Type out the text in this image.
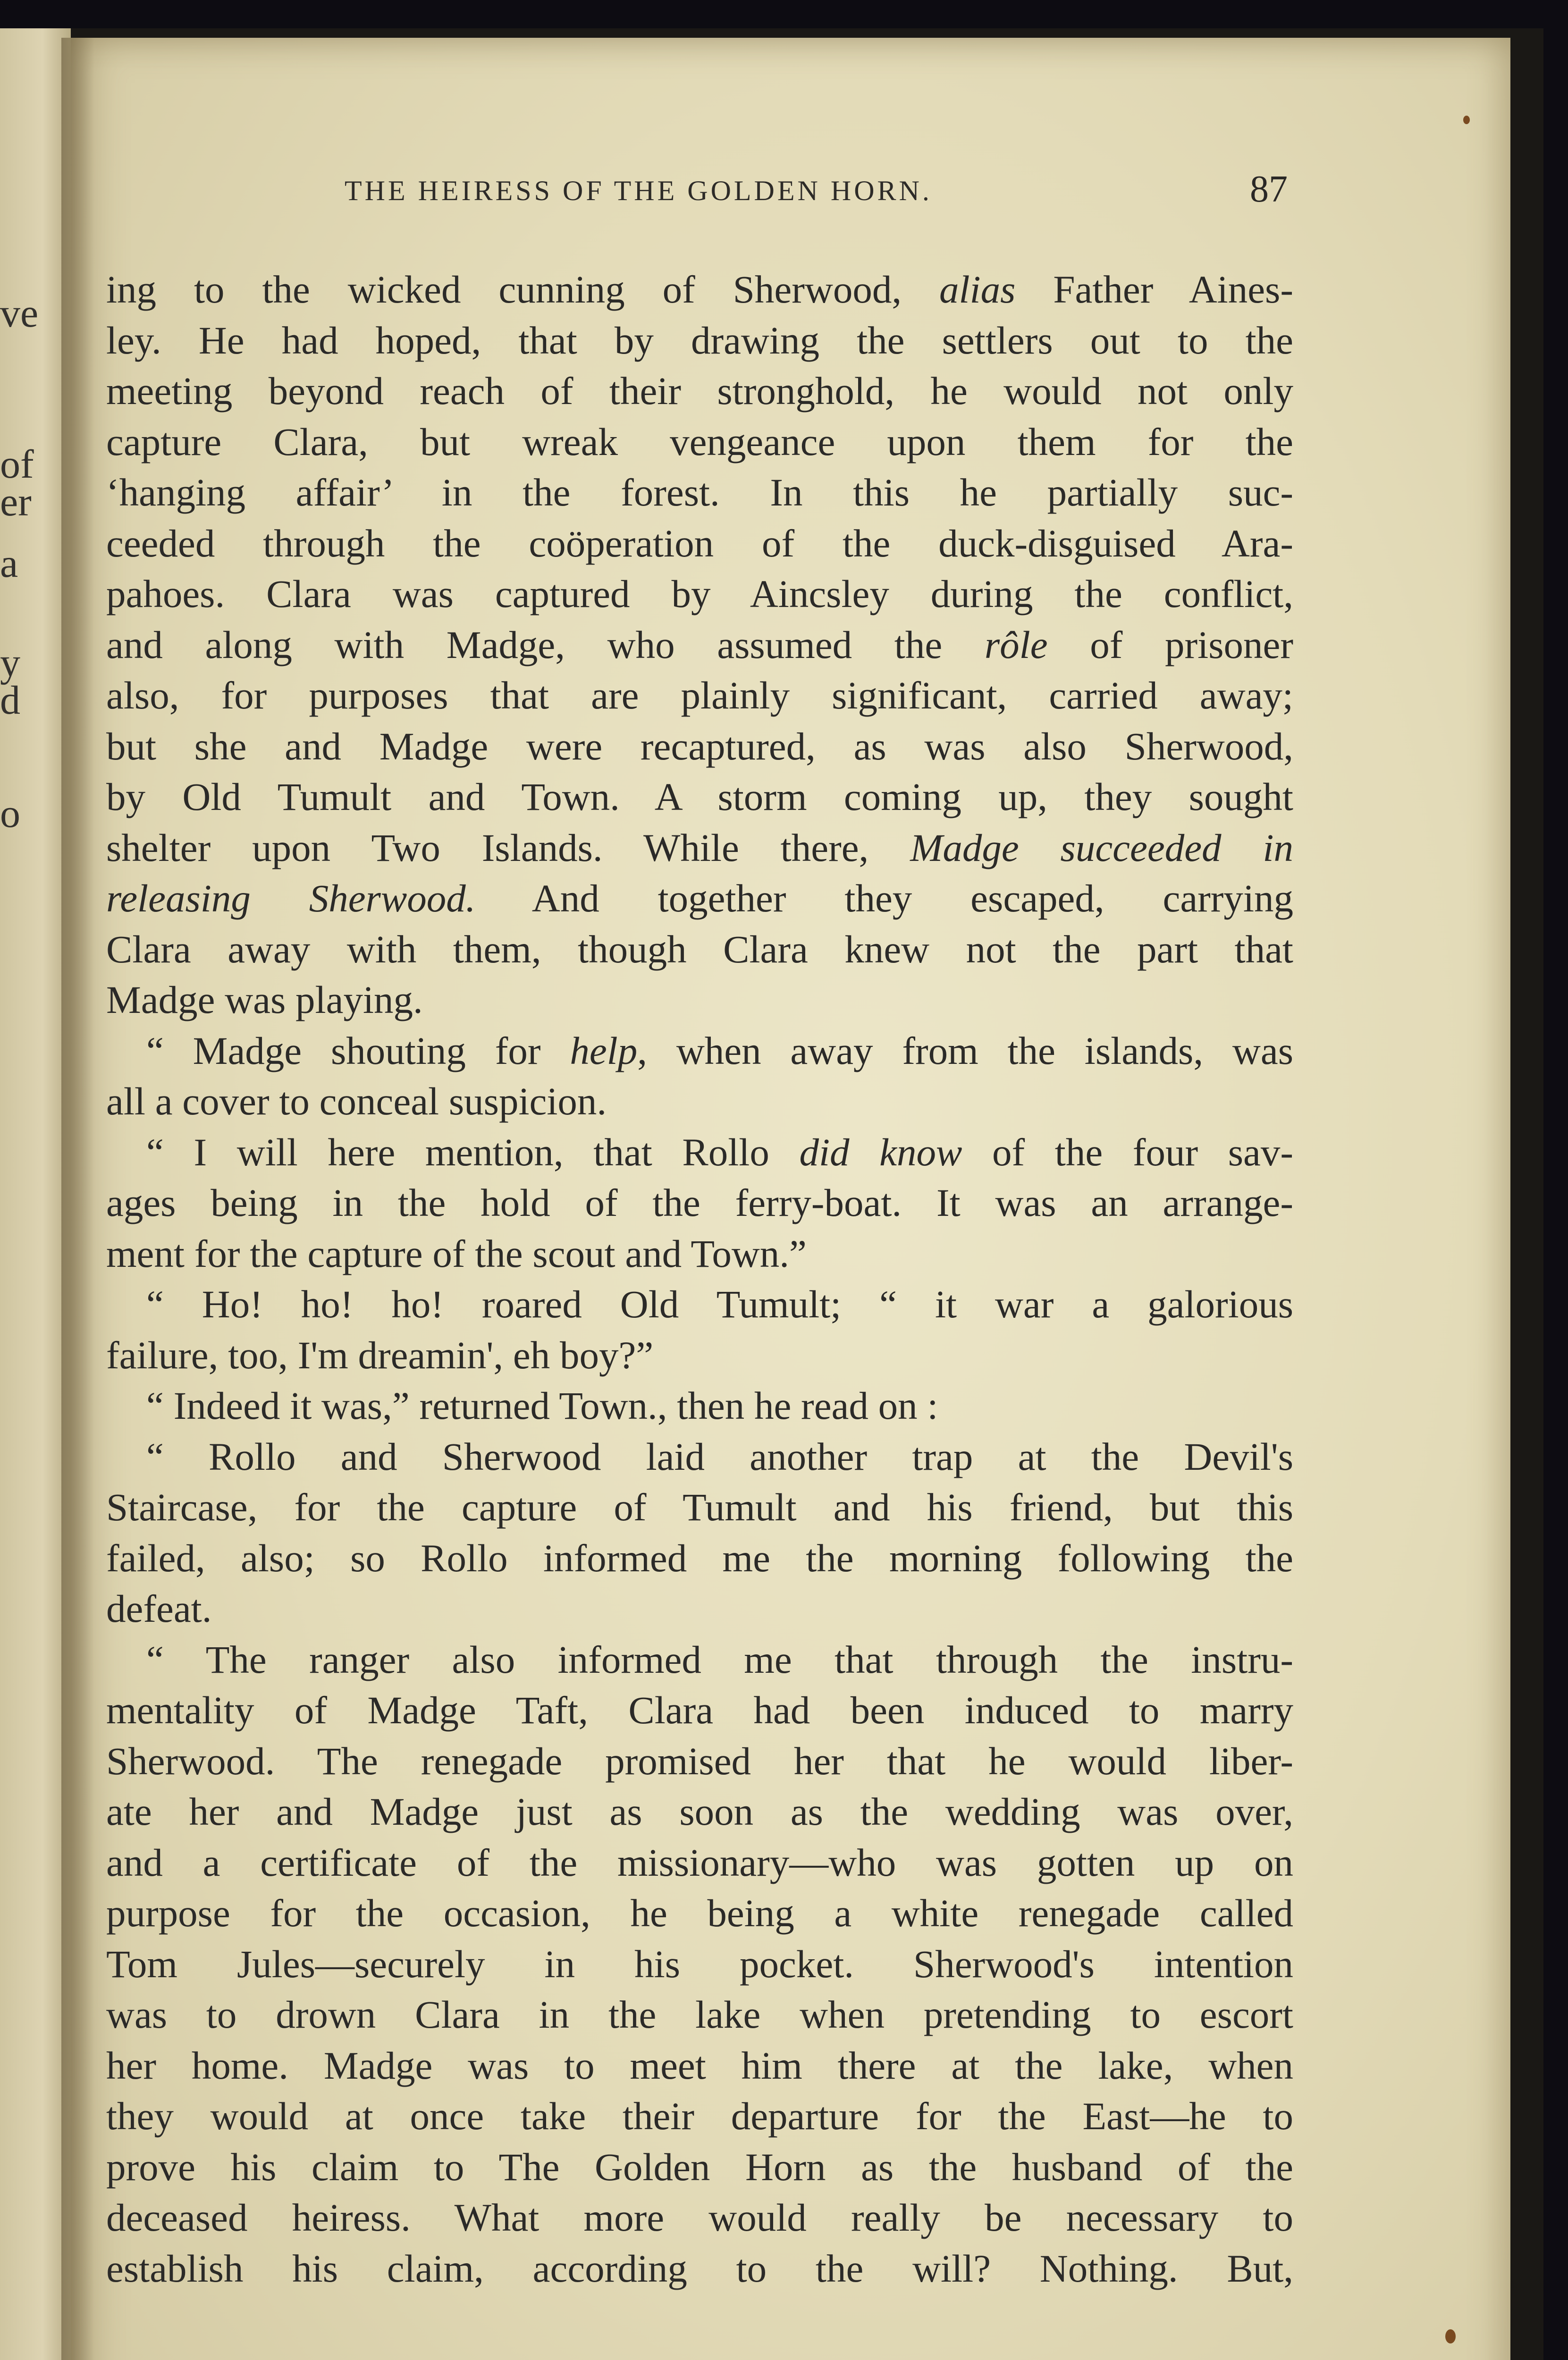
ve
of
er
a
y
d
o
THE HEIRESS OF THE GOLDEN HORN.	87
ing to the wicked cunning of Sherwood, alias Father Aines-
ley. He had hoped, that by drawing the settlers out to the
meeting beyond reach of their stronghold, he would not only
capture Clara, but wreak vengeance upon them for the
‘hanging affair’ in the forest. In this he partially suc-
ceeded through the coöperation of the duck-disguised Ara-
pahoes. Clara was captured by Aincsley during the conflict,
and along with Madge, who assumed the rôle of prisoner
also, for purposes that are plainly significant, carried away;
but she and Madge were recaptured, as was also Sherwood,
by Old Tumult and Town. A storm coming up, they sought
shelter upon Two Islands. While there, Madge succeeded in
releasing Sherwood. And together they escaped, carrying
Clara away with them, though Clara knew not the part that
Madge was playing.
“ Madge shouting for help, when away from the islands, was
all a cover to conceal suspicion.
“ I will here mention, that Rollo did know of the four sav-
ages being in the hold of the ferry-boat. It was an arrange-
ment for the capture of the scout and Town.”
“ Ho! ho! ho! roared Old Tumult; “ it war a galorious
failure, too, I'm dreamin', eh boy?”
“ Indeed it was,” returned Town., then he read on :
“ Rollo and Sherwood laid another trap at the Devil's
Staircase, for the capture of Tumult and his friend, but this
failed, also; so Rollo informed me the morning following the
defeat.
“ The ranger also informed me that through the instru-
mentality of Madge Taft, Clara had been induced to marry
Sherwood. The renegade promised her that he would liber-
ate her and Madge just as soon as the wedding was over,
and a certificate of the missionary—who was gotten up on
purpose for the occasion, he being a white renegade called
Tom Jules—securely in his pocket. Sherwood's intention
was to drown Clara in the lake when pretending to escort
her home. Madge was to meet him there at the lake, when
they would at once take their departure for the East—he to
prove his claim to The Golden Horn as the husband of the
deceased heiress. What more would really be necessary to
establish his claim, according to the will? Nothing. But,
